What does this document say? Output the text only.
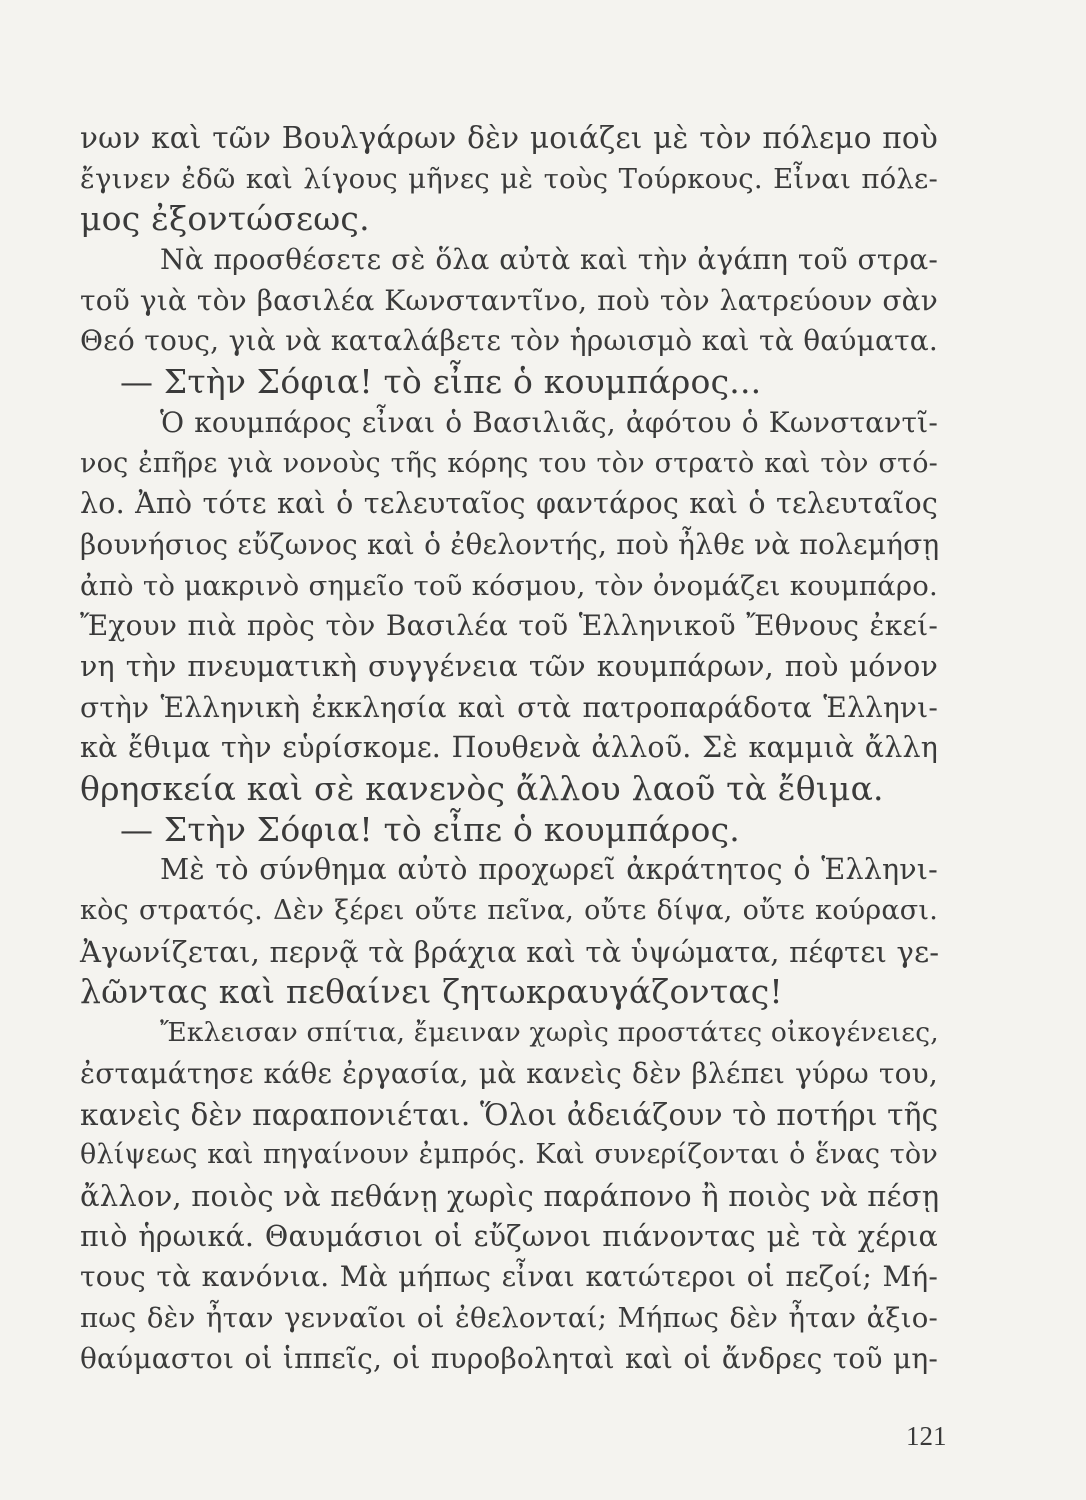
νων καὶ τῶν Βουλγάρων δὲν μοιάζει μὲ τὸν πόλεμο ποὺ
ἔγινεν ἐδῶ καὶ λίγους μῆνες μὲ τοὺς Τούρκους. Εἶναι πόλε-
μος ἐξοντώσεως.
Νὰ προσθέσετε σὲ ὅλα αὐτὰ καὶ τὴν ἀγάπη τοῦ στρα-
τοῦ γιὰ τὸν βασιλέα Κωνσταντῖνο, ποὺ τὸν λατρεύουν σὰν
Θεό τους, γιὰ νὰ καταλάβετε τὸν ἡρωισμὸ καὶ τὰ θαύματα.
— Στὴν Σόφια! τὸ εἶπε ὁ κουμπάρος...
Ὁ κουμπάρος εἶναι ὁ Βασιλιᾶς, ἀφότου ὁ Κωνσταντῖ-
νος ἐπῆρε γιὰ νονοὺς τῆς κόρης του τὸν στρατὸ καὶ τὸν στό-
λο. Ἀπὸ τότε καὶ ὁ τελευταῖος φαντάρος καὶ ὁ τελευταῖος
βουνήσιος εὔζωνος καὶ ὁ ἐθελοντής, ποὺ ἦλθε νὰ πολεμήσῃ
ἀπὸ τὸ μακρινὸ σημεῖο τοῦ κόσμου, τὸν ὀνομάζει κουμπάρο.
Ἔχουν πιὰ πρὸς τὸν Βασιλέα τοῦ Ἑλληνικοῦ Ἔθνους ἐκεί-
νη τὴν πνευματικὴ συγγένεια τῶν κουμπάρων, ποὺ μόνον
στὴν Ἑλληνικὴ ἐκκλησία καὶ στὰ πατροπαράδοτα Ἑλληνι-
κὰ ἔθιμα τὴν εὑρίσκομε. Πουθενὰ ἀλλοῦ. Σὲ καμμιὰ ἄλλη
θρησκεία καὶ σὲ κανενὸς ἄλλου λαοῦ τὰ ἔθιμα.
— Στὴν Σόφια! τὸ εἶπε ὁ κουμπάρος.
Μὲ τὸ σύνθημα αὐτὸ προχωρεῖ ἀκράτητος ὁ Ἑλληνι-
κὸς στρατός. Δὲν ξέρει οὔτε πεῖνα, οὔτε δίψα, οὔτε κούρασι.
Ἀγωνίζεται, περνᾷ τὰ βράχια καὶ τὰ ὑψώματα, πέφτει γε-
λῶντας καὶ πεθαίνει ζητωκραυγάζοντας!
Ἔκλεισαν σπίτια, ἔμειναν χωρὶς προστάτες οἰκογένειες,
ἐσταμάτησε κάθε ἐργασία, μὰ κανεὶς δὲν βλέπει γύρω του,
κανεὶς δὲν παραπονιέται. Ὅλοι ἀδειάζουν τὸ ποτήρι τῆς
θλίψεως καὶ πηγαίνουν ἐμπρός. Καὶ συνερίζονται ὁ ἕνας τὸν
ἄλλον, ποιὸς νὰ πεθάνῃ χωρὶς παράπονο ἢ ποιὸς νὰ πέσῃ
πιὸ ἡρωικά. Θαυμάσιοι οἱ εὔζωνοι πιάνοντας μὲ τὰ χέρια
τους τὰ κανόνια. Μὰ μήπως εἶναι κατώτεροι οἱ πεζοί; Μή-
πως δὲν ἦταν γενναῖοι οἱ ἐθελονταί; Μήπως δὲν ἦταν ἀξιο-
θαύμαστοι οἱ ἱππεῖς, οἱ πυροβοληταὶ καὶ οἱ ἄνδρες τοῦ μη-
121
